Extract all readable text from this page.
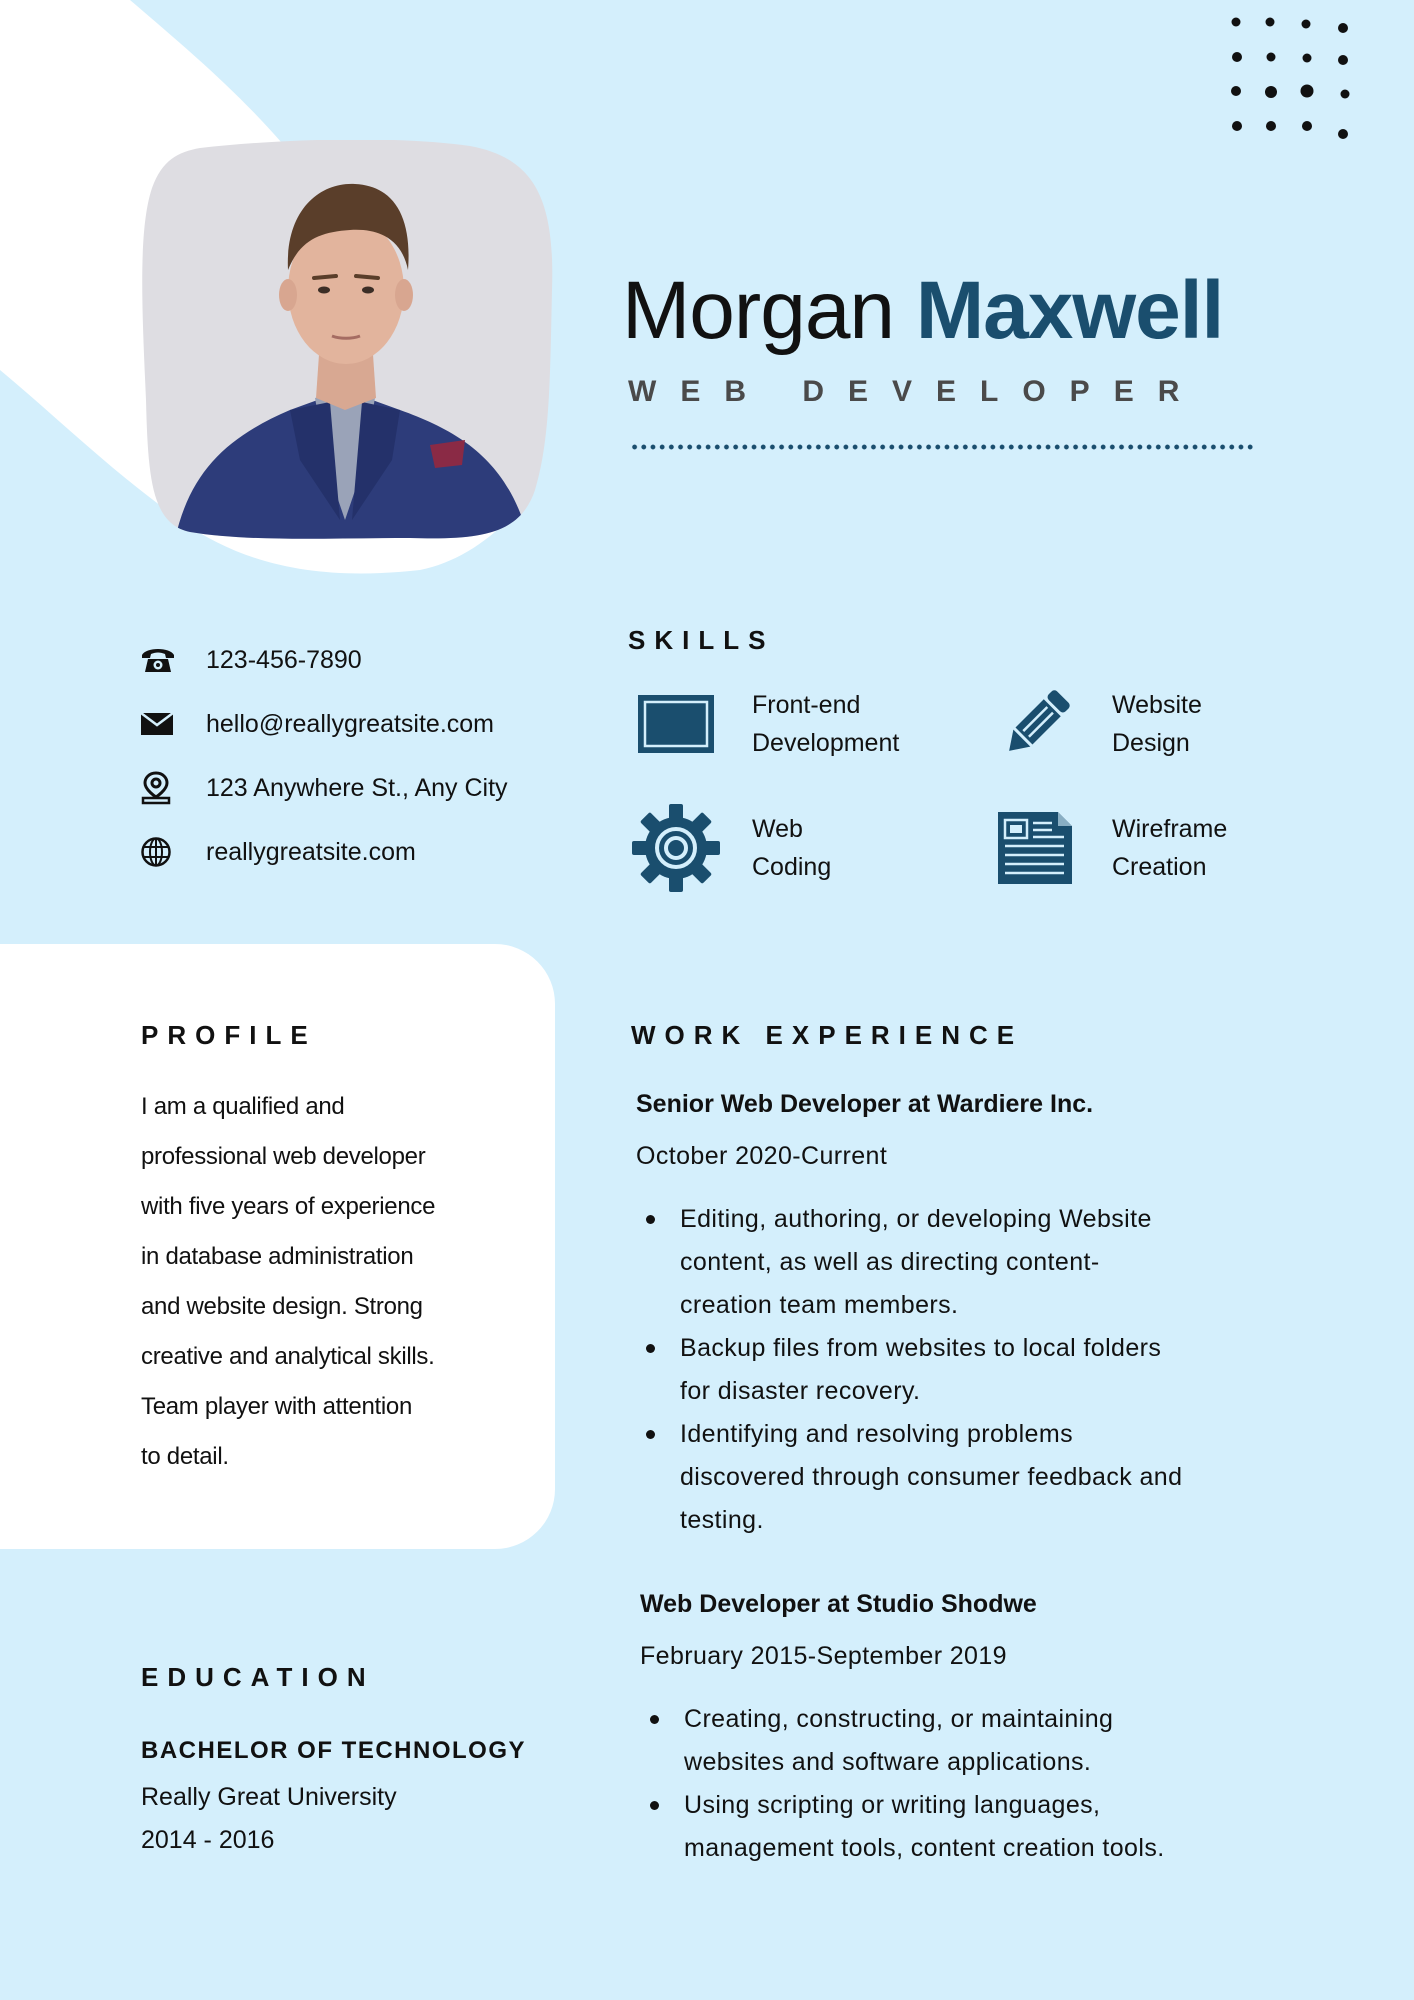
Morgan Maxwell
WEB DEVELOPER
123-456-7890
hello@reallygreatsite.com
123 Anywhere St., Any City
reallygreatsite.com
SKILLS
Front-end
Development
Website
Design
Web
Coding
Wireframe
Creation
PROFILE
I am a qualified and
professional web developer
with five years of experience
in database administration
and website design. Strong
creative and analytical skills.
Team player with attention
to detail.
WORK EXPERIENCE
Senior Web Developer at Wardiere Inc.
October 2020-Current
Editing, authoring, or developing Website
content, as well as directing content-
creation team members.
Backup files from websites to local folders
for disaster recovery.
Identifying and resolving problems
discovered through consumer feedback and
testing.
Web Developer at Studio Shodwe
February 2015-September 2019
Creating, constructing, or maintaining
websites and software applications.
Using scripting or writing languages,
management tools, content creation tools.
EDUCATION
BACHELOR OF TECHNOLOGY
Really Great University
2014 - 2016
